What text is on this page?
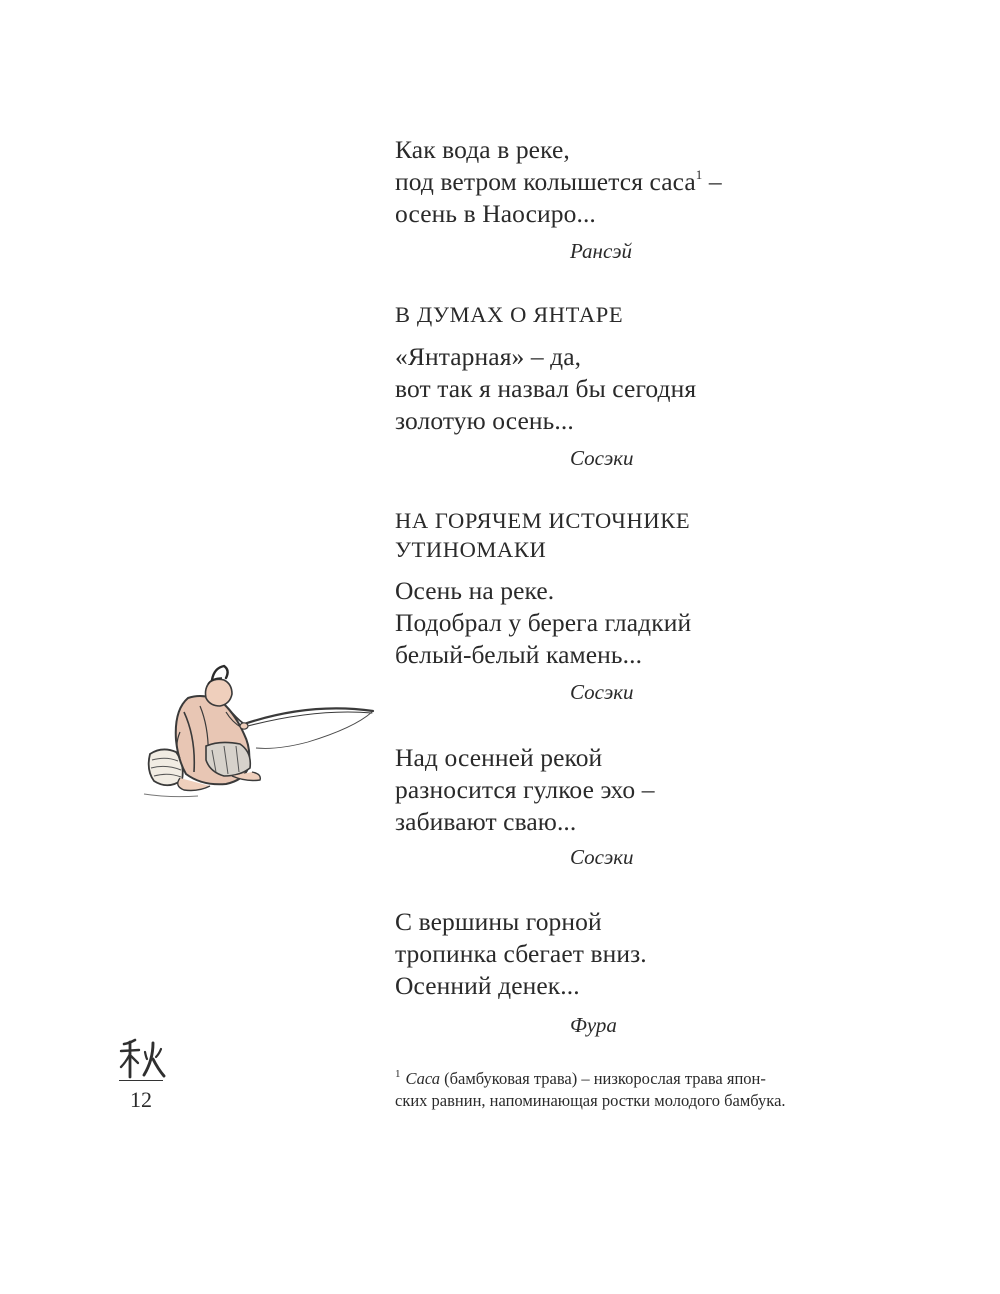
Как вода в реке,
под ветром колышется саса$^1$ –
осень в Наосиро...
Рансэй
В ДУМАХ О ЯНТАРЕ
«Янтарная» – да,
вот так я назвал бы сегодня
золотую осень...
Сосэки
НА ГОРЯЧЕМ ИСТОЧНИКЕ
УТИНОМАКИ
Осень на реке.
Подобрал у берега гладкий
белый-белый камень...
Сосэки
Над осенней рекой
разносится гулкое эхо –
забивают сваю...
Сосэки
С вершины горной
тропинка сбегает вниз.
Осенний денек...
Фура
$^1$ Саса (бамбуковая трава) – низкорослая трава япон-
ских равнин, напоминающая ростки молодого бамбука.
12
